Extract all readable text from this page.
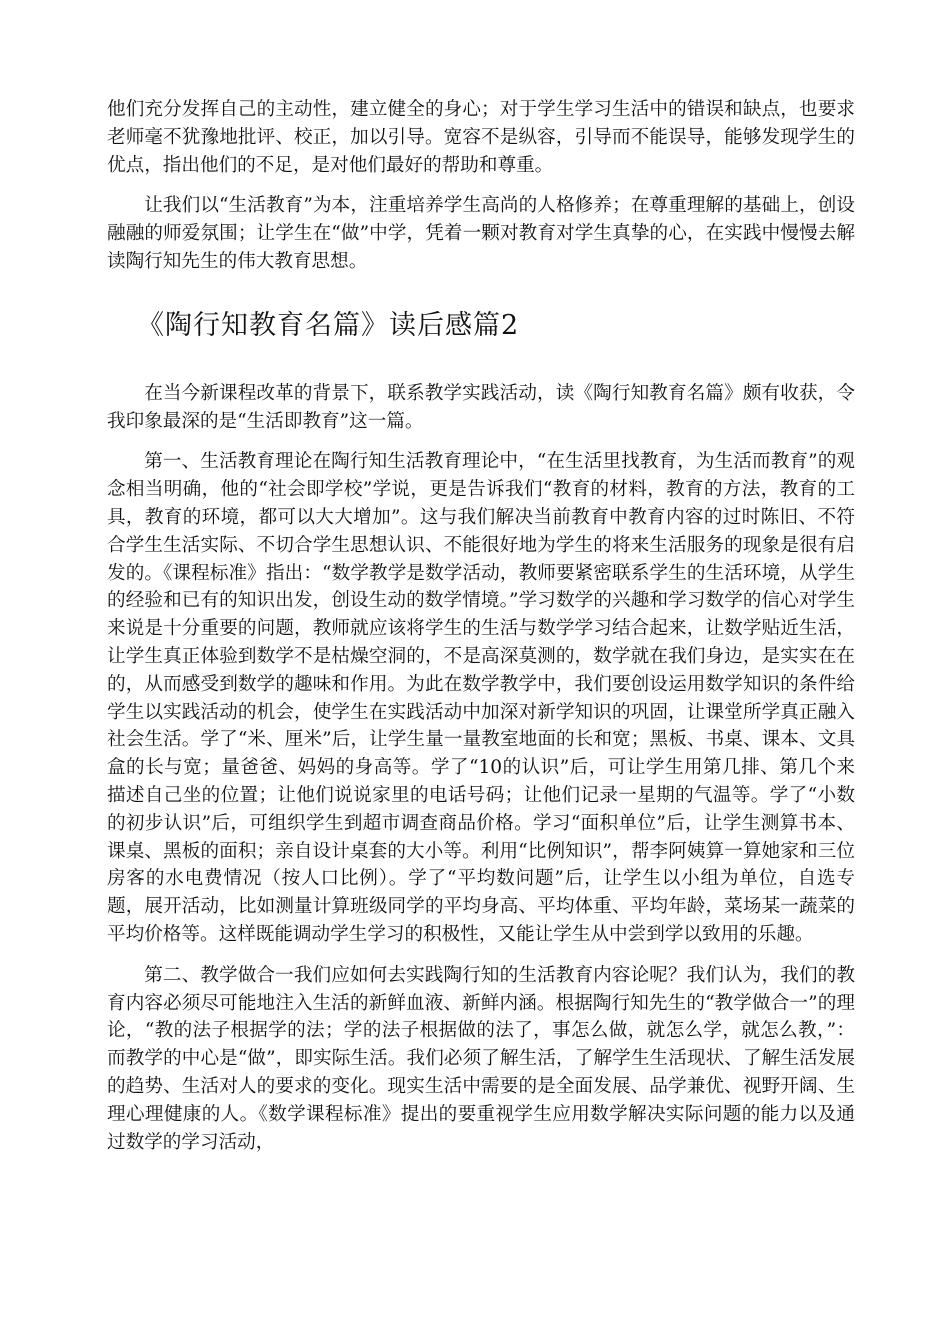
他们充分发挥自己的主动性，建立健全的身心；对于学生学习生活中的错误和缺点，也要求老师毫不犹豫地批评、校正，加以引导。宽容不是纵容，引导而不能误导，能够发现学生的优点，指出他们的不足，是对他们最好的帮助和尊重。

让我们以“生活教育”为本，注重培养学生高尚的人格修养；在尊重理解的基础上，创设融融的师爱氛围；让学生在“做”中学，凭着一颗对教育对学生真挚的心，在实践中慢慢去解读陶行知先生的伟大教育思想。

《陶行知教育名篇》读后感篇2

在当今新课程改革的背景下，联系教学实践活动，读《陶行知教育名篇》颇有收获，令我印象最深的是“生活即教育”这一篇。

第一、生活教育理论在陶行知生活教育理论中，“在生活里找教育，为生活而教育”的观念相当明确，他的“社会即学校”学说，更是告诉我们“教育的材料，教育的方法，教育的工具，教育的环境，都可以大大增加”。这与我们解决当前教育中教育内容的过时陈旧、不符合学生生活实际、不切合学生思想认识、不能很好地为学生的将来生活服务的现象是很有启发的。《课程标准》指出：“数学教学是数学活动，教师要紧密联系学生的生活环境，从学生的经验和已有的知识出发，创设生动的数学情境。”学习数学的兴趣和学习数学的信心对学生来说是十分重要的问题，教师就应该将学生的生活与数学学习结合起来，让数学贴近生活，让学生真正体验到数学不是枯燥空洞的，不是高深莫测的，数学就在我们身边，是实实在在的，从而感受到数学的趣味和作用。为此在数学教学中，我们要创设运用数学知识的条件给学生以实践活动的机会，使学生在实践活动中加深对新学知识的巩固，让课堂所学真正融入社会生活。学了“米、厘米”后，让学生量一量教室地面的长和宽；黑板、书桌、课本、文具盒的长与宽；量爸爸、妈妈的身高等。学了“10的认识”后，可让学生用第几排、第几个来描述自己坐的位置；让他们说说家里的电话号码；让他们记录一星期的气温等。学了“小数的初步认识”后，可组织学生到超市调查商品价格。学习“面积单位”后，让学生测算书本、课桌、黑板的面积；亲自设计桌套的大小等。利用“比例知识”，帮李阿姨算一算她家和三位房客的水电费情况（按人口比例）。学了“平均数问题”后，让学生以小组为单位，自选专题，展开活动，比如测量计算班级同学的平均身高、平均体重、平均年龄，菜场某一蔬菜的平均价格等。这样既能调动学生学习的积极性，又能让学生从中尝到学以致用的乐趣。

第二、教学做合一我们应如何去实践陶行知的生活教育内容论呢？我们认为，我们的教育内容必须尽可能地注入生活的新鲜血液、新鲜内涵。根据陶行知先生的“教学做合一”的理论，“教的法子根据学的法；学的法子根据做的法了，事怎么做，就怎么学，就怎么教，”：而教学的中心是“做”，即实际生活。我们必须了解生活，了解学生生活现状、了解生活发展的趋势、生活对人的要求的变化。现实生活中需要的是全面发展、品学兼优、视野开阔、生理心理健康的人。《数学课程标准》提出的要重视学生应用数学解决实际问题的能力以及通过数学的学习活动，
